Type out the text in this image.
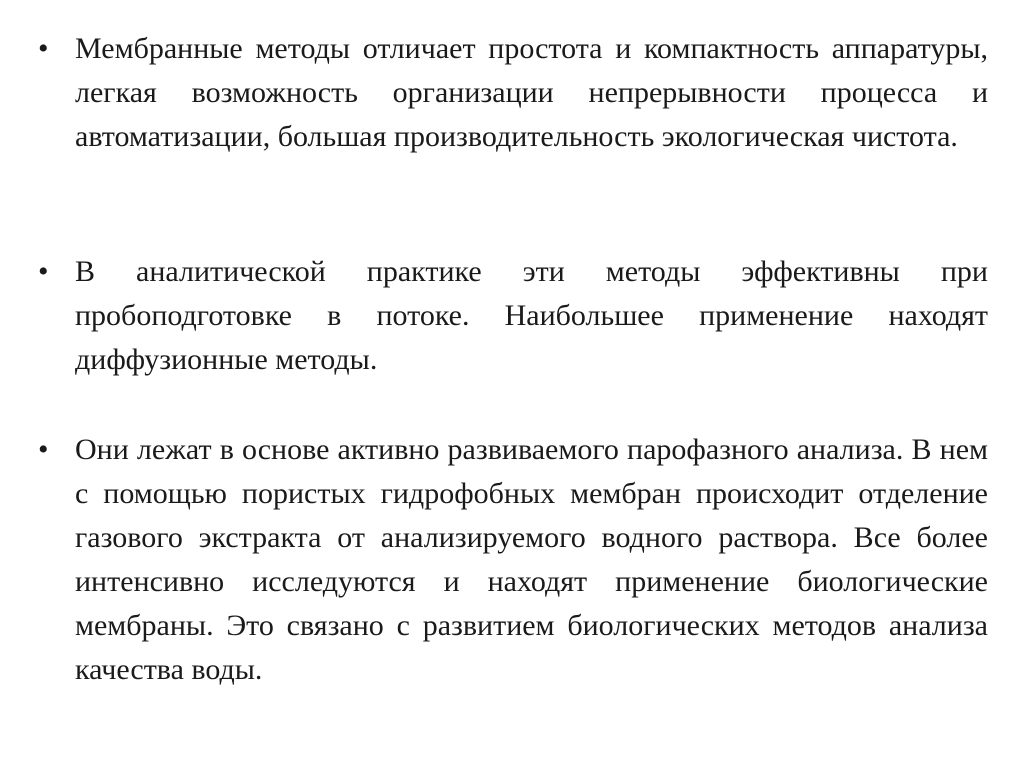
• Мембранные методы отличает простота и компактность аппаратуры, легкая возможность организации непрерывности процесса и автоматизации, большая производительность экологическая чистота.

• В аналитической практике эти методы эффективны при пробоподготовке в потоке. Наибольшее применение находят диффузионные методы.

• Они лежат в основе активно развиваемого парофазного анализа. В нем с помощью пористых гидрофобных мембран происходит отделение газового экстракта от анализируемого водного раствора. Все более интенсивно исследуются и находят применение биологические мембраны. Это связано с развитием биологических методов анализа качества воды.
